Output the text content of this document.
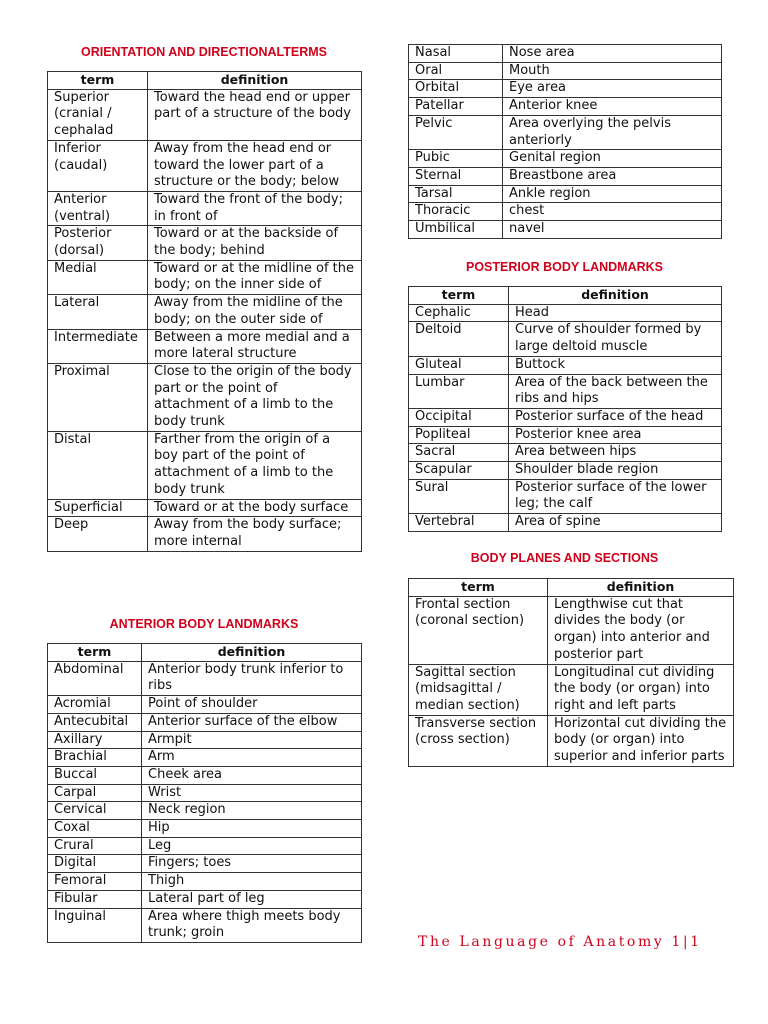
ORIENTATION AND DIRECTIONALTERMS
term	definition
Superior (cranial / cephalad	Toward the head end or upper part of a structure of the body
Inferior (caudal)	Away from the head end or toward the lower part of a structure or the body; below
Anterior (ventral)	Toward the front of the body; in front of
Posterior (dorsal)	Toward or at the backside of the body; behind
Medial	Toward or at the midline of the body; on the inner side of
Lateral	Away from the midline of the body; on the outer side of
Intermediate	Between a more medial and a more lateral structure
Proximal	Close to the origin of the body part or the point of attachment of a limb to the body trunk
Distal	Farther from the origin of a boy part of the point of attachment of a limb to the body trunk
Superficial	Toward or at the body surface
Deep	Away from the body surface; more internal
ANTERIOR BODY LANDMARKS
term	definition
Abdominal	Anterior body trunk inferior to ribs
Acromial	Point of shoulder
Antecubital	Anterior surface of the elbow
Axillary	Armpit
Brachial	Arm
Buccal	Cheek area
Carpal	Wrist
Cervical	Neck region
Coxal	Hip
Crural	Leg
Digital	Fingers; toes
Femoral	Thigh
Fibular	Lateral part of leg
Inguinal	Area where thigh meets body trunk; groin
Nasal	Nose area
Oral	Mouth
Orbital	Eye area
Patellar	Anterior knee
Pelvic	Area overlying the pelvis anteriorly
Pubic	Genital region
Sternal	Breastbone area
Tarsal	Ankle region
Thoracic	chest
Umbilical	navel
POSTERIOR BODY LANDMARKS
term	definition
Cephalic	Head
Deltoid	Curve of shoulder formed by large deltoid muscle
Gluteal	Buttock
Lumbar	Area of the back between the ribs and hips
Occipital	Posterior surface of the head
Popliteal	Posterior knee area
Sacral	Area between hips
Scapular	Shoulder blade region
Sural	Posterior surface of the lower leg; the calf
Vertebral	Area of spine
BODY PLANES AND SECTIONS
term	definition
Frontal section (coronal section)	Lengthwise cut that divides the body (or organ) into anterior and posterior part
Sagittal section (midsagittal / median section)	Longitudinal cut dividing the body (or organ) into right and left parts
Transverse section (cross section)	Horizontal cut dividing the body (or organ) into superior and inferior parts
The Language of Anatomy 1|1
